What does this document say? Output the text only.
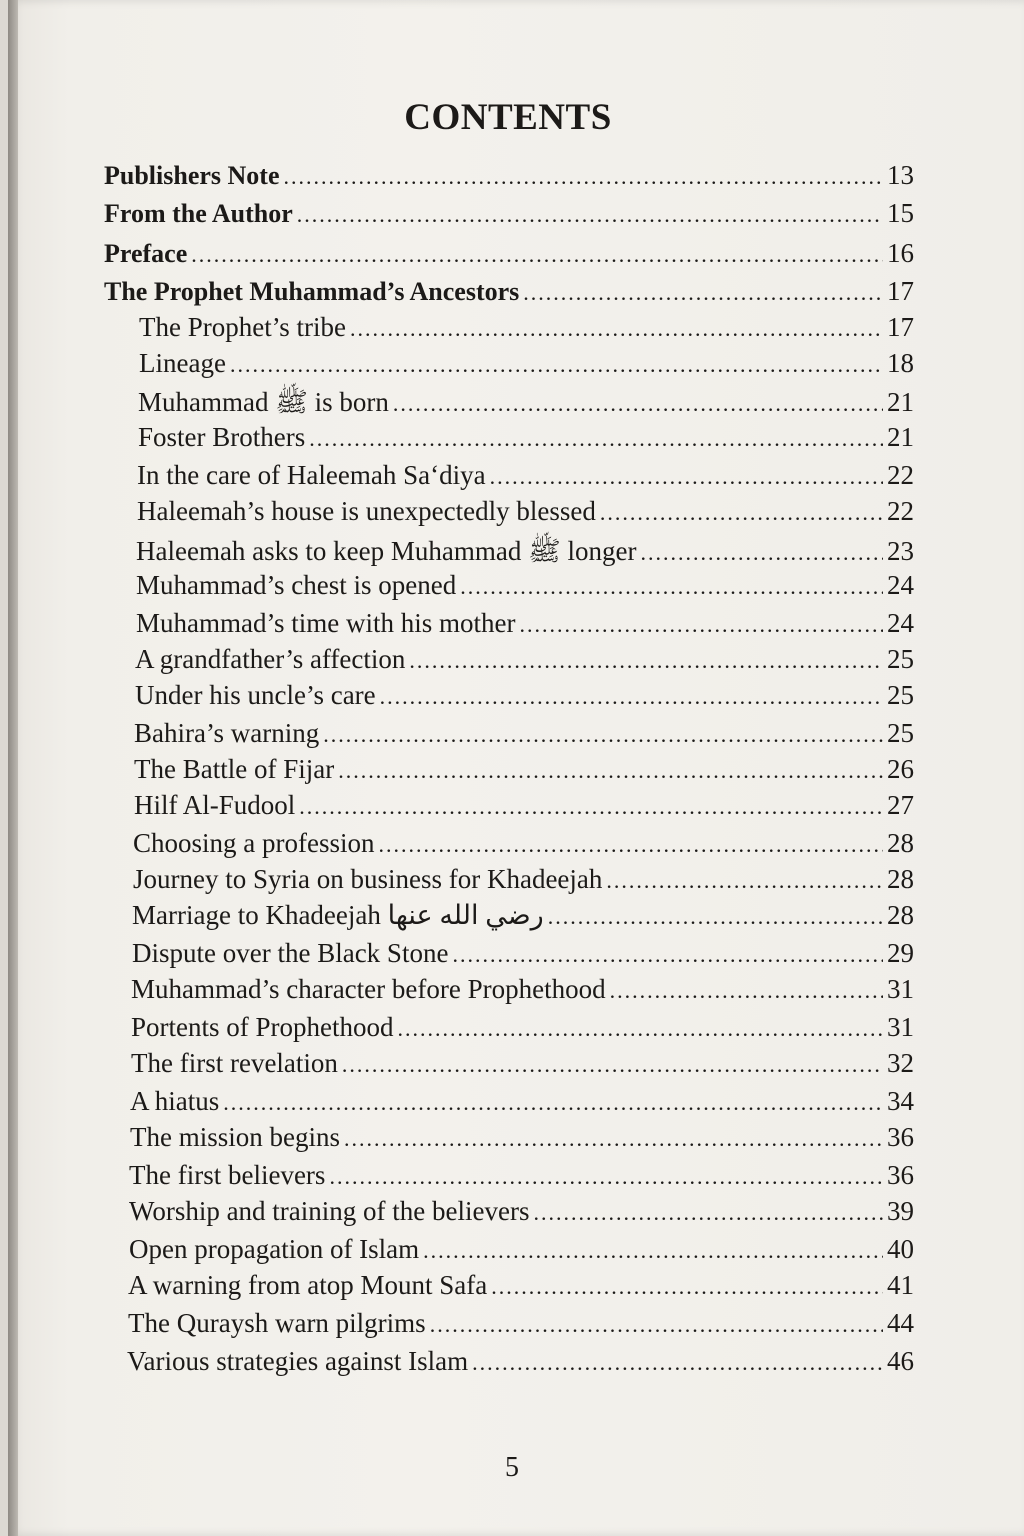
CONTENTS
Publishers Note .....	13
From the Author .....	15
Preface .....	16
The Prophet Muhammad’s Ancestors .....	17
The Prophet’s tribe .....	17
Lineage .....	18
Muhammad ﷺ is born .....	21
Foster Brothers .....	21
In the care of Haleemah Sa‘diya .....	22
Haleemah’s house is unexpectedly blessed .....	22
Haleemah asks to keep Muhammad ﷺ longer .....	23
Muhammad’s chest is opened .....	24
Muhammad’s time with his mother .....	24
A grandfather’s affection .....	25
Under his uncle’s care .....	25
Bahira’s warning .....	25
The Battle of Fijar .....	26
Hilf Al-Fudool .....	27
Choosing a profession .....	28
Journey to Syria on business for Khadeejah .....	28
Marriage to Khadeejah رضي الله عنها .....	28
Dispute over the Black Stone .....	29
Muhammad’s character before Prophethood .....	31
Portents of Prophethood .....	31
The first revelation .....	32
A hiatus .....	34
The mission begins .....	36
The first believers .....	36
Worship and training of the believers .....	39
Open propagation of Islam .....	40
A warning from atop Mount Safa .....	41
The Quraysh warn pilgrims .....	44
Various strategies against Islam .....	46
5
